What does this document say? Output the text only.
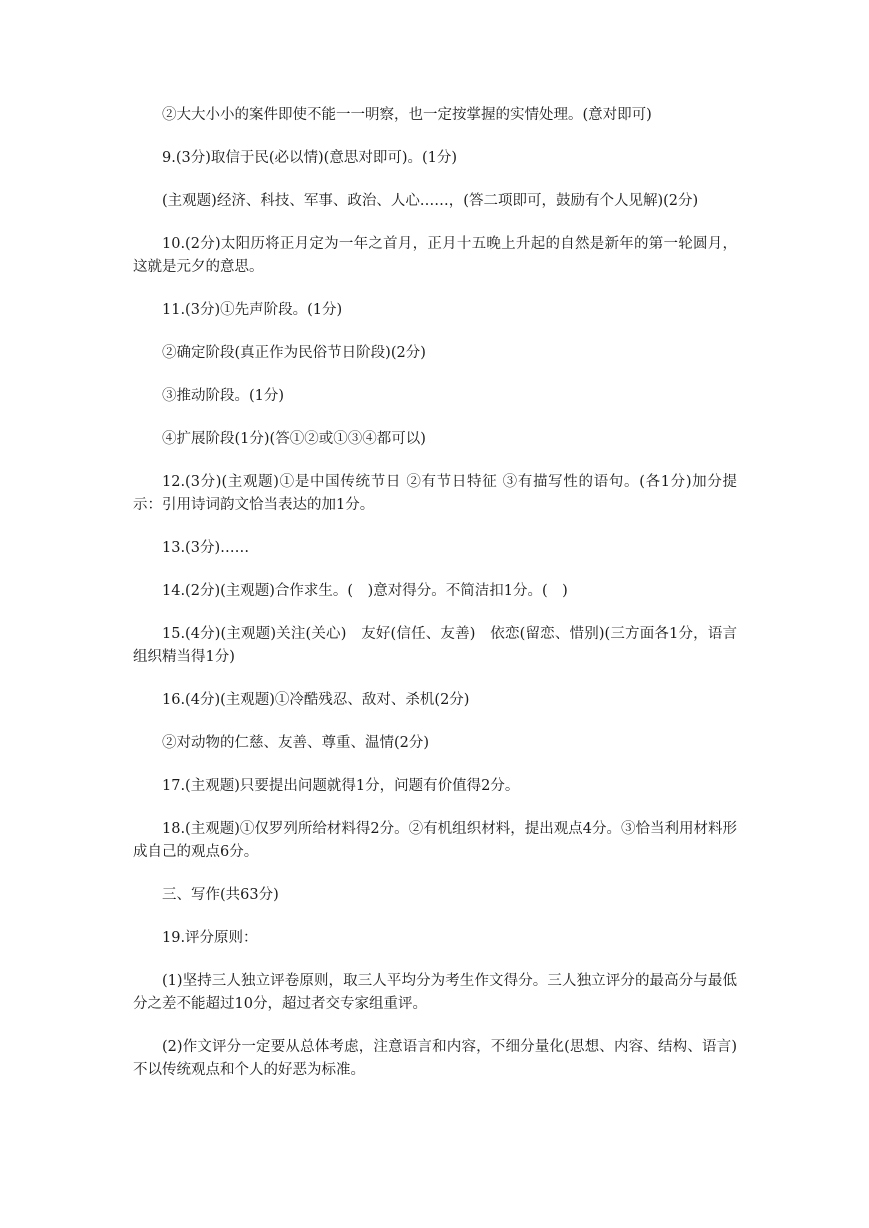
②大大小小的案件即使不能一一明察，也一定按掌握的实情处理。(意对即可)

9.(3分)取信于民(必以情)(意思对即可)。(1分)

(主观题)经济、科技、军事、政治、人心……，(答二项即可，鼓励有个人见解)(2分)

10.(2分)太阳历将正月定为一年之首月，正月十五晚上升起的自然是新年的第一轮圆月，这就是元夕的意思。

11.(3分)①先声阶段。(1分)

②确定阶段(真正作为民俗节日阶段)(2分)

③推动阶段。(1分)

④扩展阶段(1分)(答①②或①③④都可以)

12.(3分)(主观题)①是中国传统节日 ②有节日特征 ③有描写性的语句。(各1分)加分提示：引用诗词韵文恰当表达的加1分。

13.(3分)……

14.(2分)(主观题)合作求生。(　)意对得分。不简洁扣1分。(　)

15.(4分)(主观题)关注(关心)　友好(信任、友善)　依恋(留恋、惜别)(三方面各1分，语言组织精当得1分)

16.(4分)(主观题)①冷酷残忍、敌对、杀机(2分)

②对动物的仁慈、友善、尊重、温情(2分)

17.(主观题)只要提出问题就得1分，问题有价值得2分。

18.(主观题)①仅罗列所给材料得2分。②有机组织材料，提出观点4分。③恰当利用材料形成自己的观点6分。

三、写作(共63分)

19.评分原则：

(1)坚持三人独立评卷原则，取三人平均分为考生作文得分。三人独立评分的最高分与最低分之差不能超过10分，超过者交专家组重评。

(2)作文评分一定要从总体考虑，注意语言和内容，不细分量化(思想、内容、结构、语言)不以传统观点和个人的好恶为标准。
